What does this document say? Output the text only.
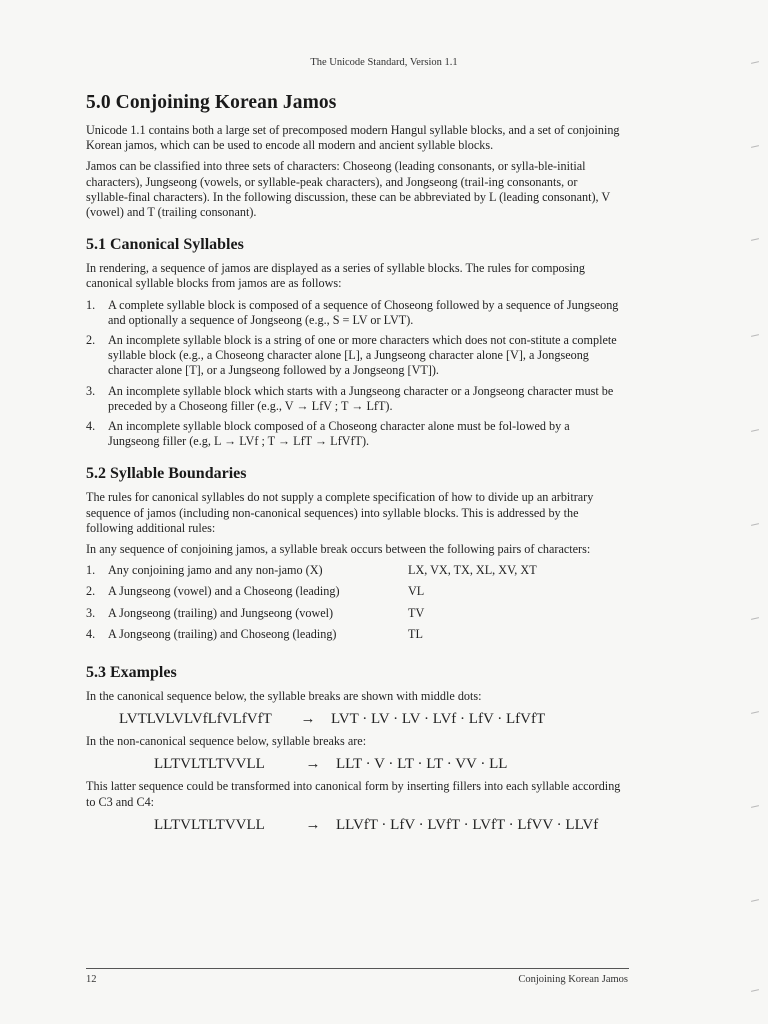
The Unicode Standard, Version 1.1
5.0 Conjoining Korean Jamos

Unicode 1.1 contains both a large set of precomposed modern Hangul syllable blocks, and a set of conjoining Korean jamos, which can be used to encode all modern and ancient syllable blocks.

Jamos can be classified into three sets of characters: Choseong (leading consonants, or sylla-ble-initial characters), Jungseong (vowels, or syllable-peak characters), and Jongseong (trail-ing consonants, or syllable-final characters). In the following discussion, these can be abbreviated by L (leading consonant), V (vowel) and T (trailing consonant).

5.1 Canonical Syllables

In rendering, a sequence of jamos are displayed as a series of syllable blocks. The rules for composing canonical syllable blocks from jamos are as follows:

1. A complete syllable block is composed of a sequence of Choseong followed by a sequence of Jungseong and optionally a sequence of Jongseong (e.g., S = LV or LVT).
2. An incomplete syllable block is a string of one or more characters which does not con-stitute a complete syllable block (e.g., a Choseong character alone [L], a Jungseong character alone [V], a Jongseong character alone [T], or a Jungseong followed by a Jongseong [VT]).
3. An incomplete syllable block which starts with a Jungseong character or a Jongseong character must be preceded by a Choseong filler (e.g., V → LfV ; T → LfT).
4. An incomplete syllable block composed of a Choseong character alone must be fol-lowed by a Jungseong filler (e.g, L → LVf ; T → LfT → LfVfT).
5.2 Syllable Boundaries

The rules for canonical syllables do not supply a complete specification of how to divide up an arbitrary sequence of jamos (including non-canonical sequences) into syllable blocks. This is addressed by the following additional rules:

In any sequence of conjoining jamos, a syllable break occurs between the following pairs of characters:

1.	Any conjoining jamo and any non-jamo (X)	LX, VX, TX, XL, XV, XT
2.	A Jungseong (vowel) and a Choseong (leading)	VL
3.	A Jongseong (trailing) and Jungseong (vowel)	TV
4.	A Jongseong (trailing) and Choseong (leading)	TL
5.3 Examples

In the canonical sequence below, the syllable breaks are shown with middle dots:

LVTLVLVLVfLfVLfVfT	→	LVT · LV · LV · LVf · LfV · LfVfT

In the non-canonical sequence below, syllable breaks are:

LLTVLTLTVVLL	→	LLT · V · LT · LT · VV · LL

This latter sequence could be transformed into canonical form by inserting fillers into each syllable according to C3 and C4:

LLTVLTLTVVLL	→	LLVfT · LfV · LVfT · LVfT · LfVV · LLVf
12	Conjoining Korean Jamos
